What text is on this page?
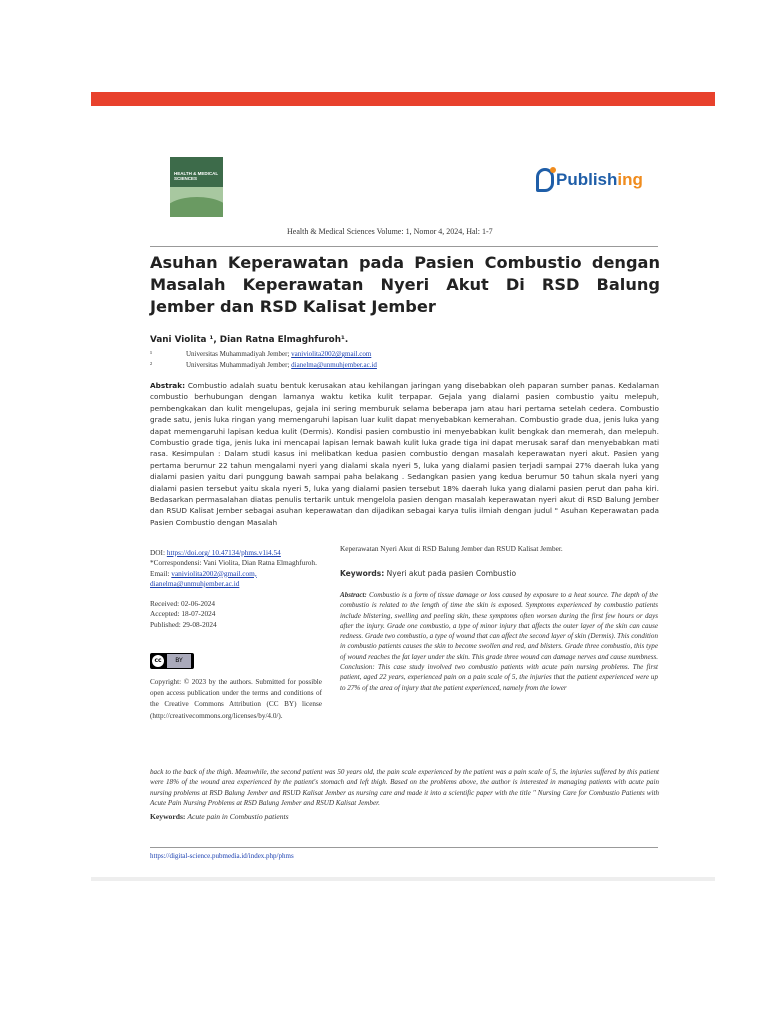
HEALTH & MEDICAL SCIENCES	Publish ing
Health & Medical Sciences Volume: 1, Nomor 4, 2024, Hal: 1-7
Asuhan Keperawatan pada Pasien Combustio dengan Masalah Keperawatan Nyeri Akut Di RSD Balung Jember dan RSD Kalisat Jember
Vani Violita ¹, Dian Ratna Elmaghfuroh¹.
¹	Universitas Muhammadiyah Jember; vaniviolita2002@gmail.com
²	Universitas Muhammadiyah Jember; dianelma@unmuhjember.ac.id
Abstrak: Combustio adalah suatu bentuk kerusakan atau kehilangan jaringan yang disebabkan oleh paparan sumber panas. Kedalaman combustio berhubungan dengan lamanya waktu ketika kulit terpapar. Gejala yang dialami pasien combustio yaitu melepuh, pembengkakan dan kulit mengelupas, gejala ini sering memburuk selama beberapa jam atau hari pertama setelah cedera. Combustio grade satu, jenis luka ringan yang memengaruhi lapisan luar kulit dapat menyebabkan kemerahan. Combustio grade dua, jenis luka yang dapat memengaruhi lapisan kedua kulit (Dermis). Kondisi pasien combustio ini menyebabkan kulit bengkak dan memerah, dan melepuh. Combustio grade tiga, jenis luka ini mencapai lapisan lemak bawah kulit luka grade tiga ini dapat merusak saraf dan menyebabkan mati rasa. Kesimpulan : Dalam studi kasus ini melibatkan kedua pasien combustio dengan masalah keperawatan nyeri akut. Pasien yang pertama berumur 22 tahun mengalami nyeri yang dialami skala nyeri 5, luka yang dialami pasien terjadi sampai 27% daerah luka yang dialami pasien yaitu dari punggung bawah sampai paha belakang . Sedangkan pasien yang kedua berumur 50 tahun skala nyeri yang dialami pasien tersebut yaitu skala nyeri 5, luka yang dialami pasien tersebut 18% daerah luka yang dialami pasien perut dan paha kiri. Bedasarkan permasalahan diatas penulis tertarik untuk mengelola pasien dengan masalah keperawatan nyeri akut di RSD Balung Jember dan RSUD Kalisat Jember sebagai asuhan keperawatan dan dijadikan sebagai karya tulis ilmiah dengan judul " Asuhan Keperawatan pada Pasien Combustio dengan Masalah

DOI: https://doi.org/ 10.47134/phms.v1i4.54

*Correspondensi: Vani Violita, Dian Ratna Elmaghfuroh.

Email: vaniviolita2002@gmail.com,

dianelma@unmuhjember.ac.id

Received: 02-06-2024

Accepted: 18-07-2024

Published: 29-08-2024

cc	BY
Copyright: © 2023 by the authors. Submitted for possible open access publication under the terms and conditions of the Creative Commons Attribution (CC BY) license (http://creativecommons.org/licenses/by/4.0/).
Keperawatan Nyeri Akut di RSD Balung Jember dan RSUD Kalisat Jember.
Keywords: Nyeri akut pada pasien Combustio
Abstract: Combustio is a form of tissue damage or loss caused by exposure to a heat source. The depth of the combustio is related to the length of time the skin is exposed. Symptoms experienced by combustio patients include blistering, swelling and peeling skin, these symptoms often worsen during the first few hours or days after the injury. Grade one combustio, a type of minor injury that affects the outer layer of the skin can cause redness. Grade two combustio, a type of wound that can affect the second layer of skin (Dermis). This condition in combustio patients causes the skin to become swollen and red, and blisters. Grade three combustio, this type of wound reaches the fat layer under the skin. This grade three wound can damage nerves and cause numbness. Conclusion: This case study involved two combustio patients with acute pain nursing problems. The first patient, aged 22 years, experienced pain on a pain scale of 5, the injuries that the patient experienced were up to 27% of the area of injury that the patient experienced, namely from the lower
back to the back of the thigh. Meanwhile, the second patient was 50 years old, the pain scale experienced by the patient was a pain scale of 5, the injuries suffered by this patient were 18% of the wound area experienced by the patient's stomach and left thigh. Based on the problems above, the author is interested in managing patients with acute pain nursing problems at RSD Balung Jember and RSUD Kalisat Jember as nursing care and made it into a scientific paper with the title " Nursing Care for Combustio Patients with Acute Pain Nursing Problems at RSD Balung Jember and RSUD Kalisat Jember.
Keywords: Acute pain in Combustio patients
https://digital-science.pubmedia.id/index.php/phms
